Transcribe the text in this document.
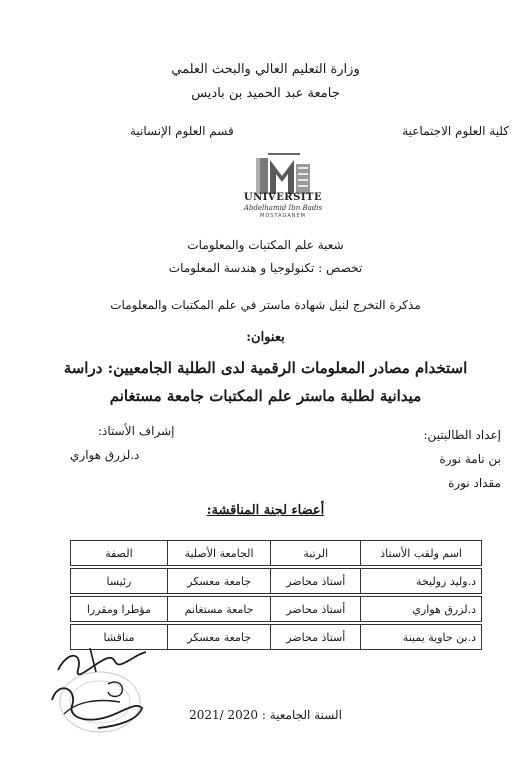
وزارة التعليم العالي والبحث العلمي
جامعة عبد الحميد بن باديس
كلية العلوم الاجتماعية
قسم العلوم الإنسانية
UNIVERSITE
Abdelhamid Ibn Badis
MOSTAGANEM
شعبة علم المكتبات والمعلومات
تخصص : تكنولوجيا و هندسة المعلومات
مذكرة التخرج لنيل شهادة ماستر في علم المكتبات والمعلومات
بعنوان:
استخدام مصادر المعلومات الرقمية لدى الطلبة الجامعيين: دراسة
ميدانية لطلبة ماستر علم المكتبات جامعة مستغانم
إعداد الطالبتين:
بن نامة نورة
مقداد نورة
إشراف الأستاذ:
د.لزرق هواري
أعضاء لجنة المناقشة:
اسم ولقب الأستاذ	الرتبة	الجامعة الأصلية	الصفة

د.وليد زوليخة	أستاذ محاضر	جامعة معسكر	رئيسا

د.لزرق هواري	أستاذ محاضر	جامعة مستغانم	مؤطرا ومقررا

د.بن حاوية يمينة	أستاذ محاضر	جامعة معسكر	مناقشا
السنة الجامعية : 2020 /2021
